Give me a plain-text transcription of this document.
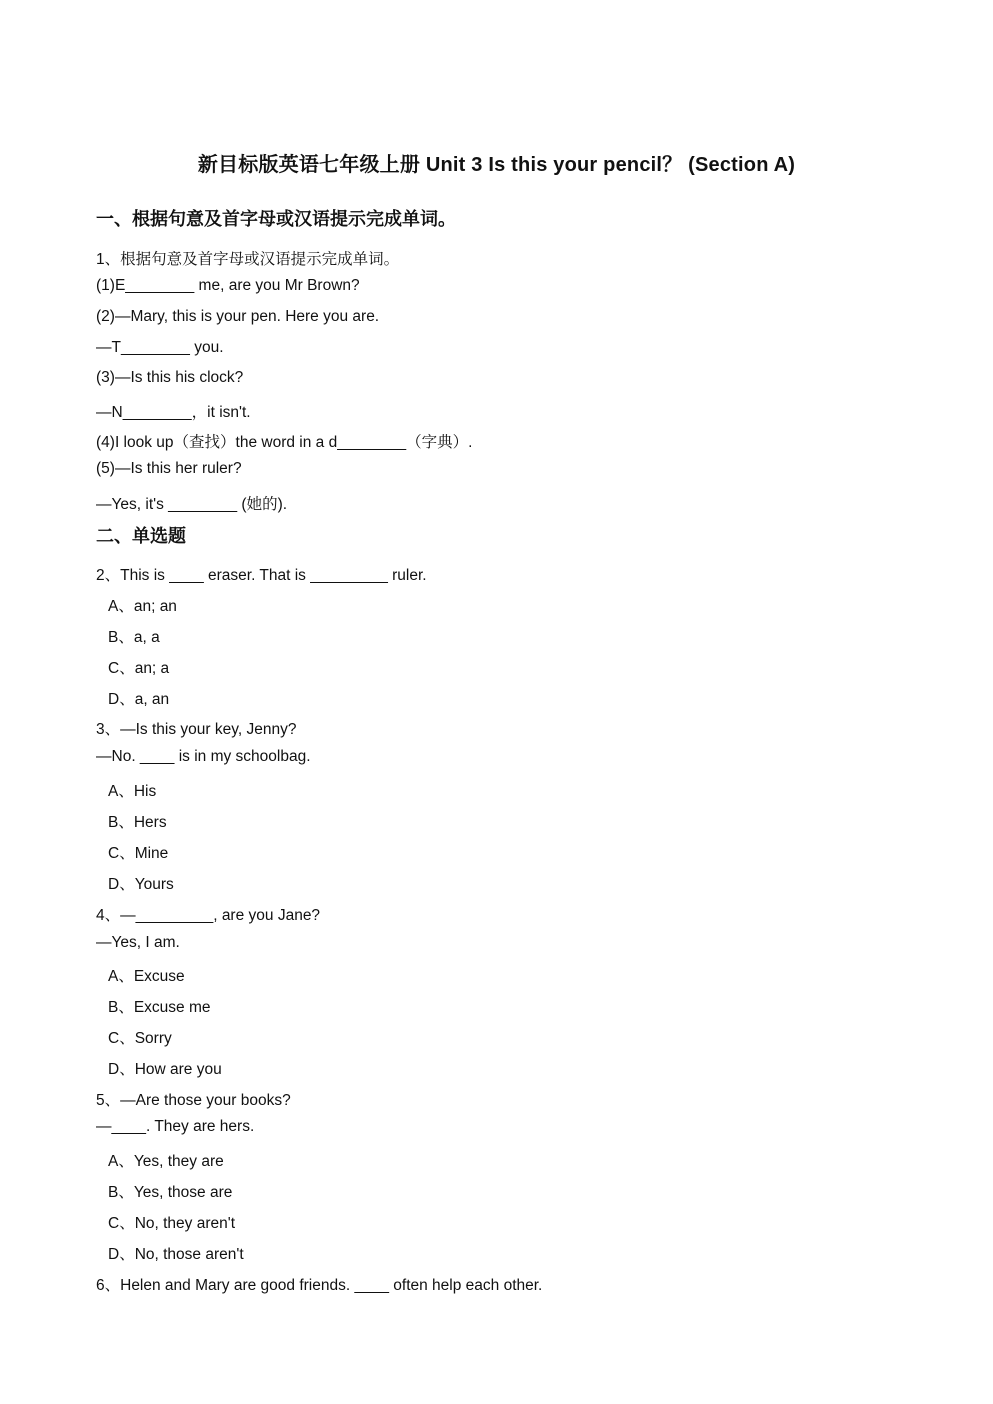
新目标版英语七年级上册 Unit 3 Is this your pencil？ (Section A)
一、根据句意及首字母或汉语提示完成单词。
1、根据句意及首字母或汉语提示完成单词。
(1)E________ me, are you Mr Brown?
(2)—Mary, this is your pen. Here you are.
—T________ you.
(3)—Is this his clock?
—N________，it isn't.
(4)I look up（查找）the word in a d________（字典）.
(5)—Is this her ruler?
—Yes, it's ________ (她的).
二、单选题
2、This is ____ eraser. That is _________ ruler.
A、an; an
B、a, a
C、an; a
D、a, an
3、—Is this your key, Jenny?
—No. ____ is in my schoolbag.
A、His
B、Hers
C、Mine
D、Yours
4、—_________, are you Jane?
—Yes, I am.
A、Excuse
B、Excuse me
C、Sorry
D、How are you
5、—Are those your books?
—____. They are hers.
A、Yes, they are
B、Yes, those are
C、No, they aren't
D、No, those aren't
6、Helen and Mary are good friends. ____ often help each other.
